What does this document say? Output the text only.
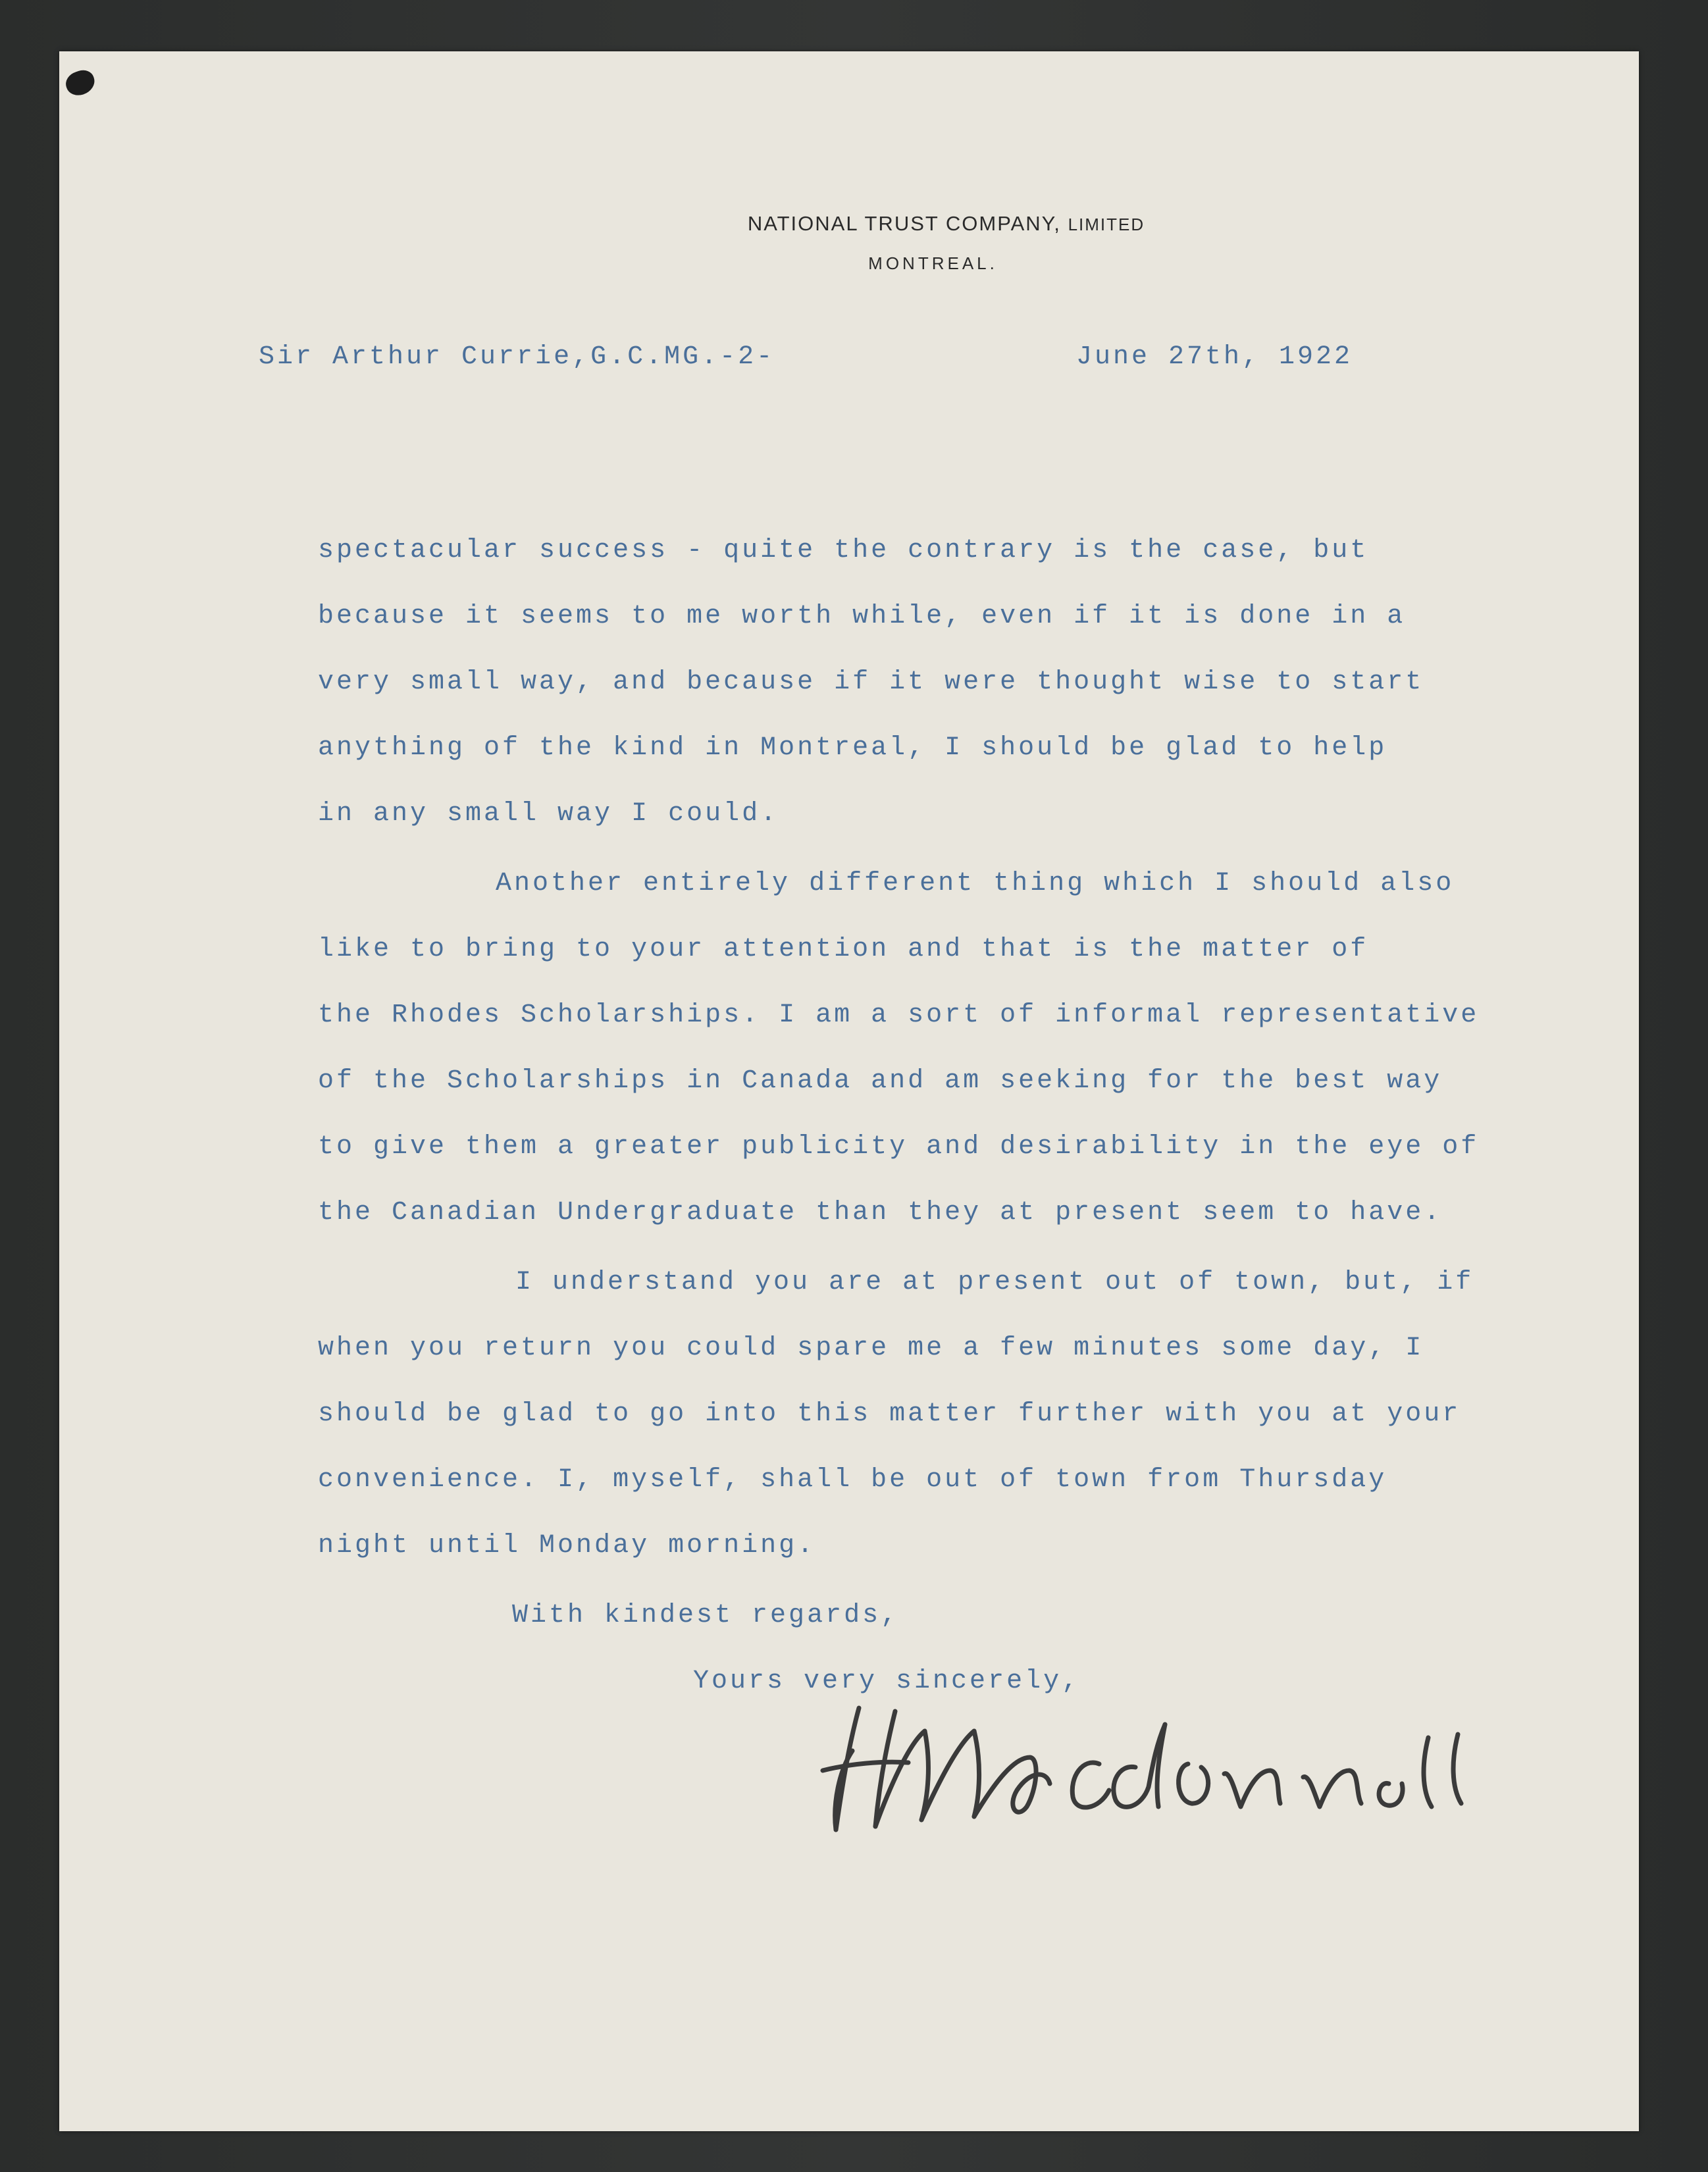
NATIONAL TRUST COMPANY, LIMITED
MONTREAL.
Sir Arthur Currie,G.C.MG.-2-	June 27th, 1922
spectacular success - quite the contrary is the case, but
because it seems to me worth while, even if it is done in a
very small way, and because if it were thought wise to start
anything of the kind in Montreal, I should be glad to help
in any small way I could.
Another entirely different thing which I should also
like to bring to your attention and that is the matter of
the Rhodes Scholarships. I am a sort of informal representative
of the Scholarships in Canada and am seeking for the best way
to give them a greater publicity and desirability in the eye of
the Canadian Undergraduate than they at present seem to have.
I understand you are at present out of town, but, if
when you return you could spare me a few minutes some day, I
should be glad to go into this matter further with you at your
convenience. I, myself, shall be out of town from Thursday
night until Monday morning.
With kindest regards,
Yours very sincerely,
